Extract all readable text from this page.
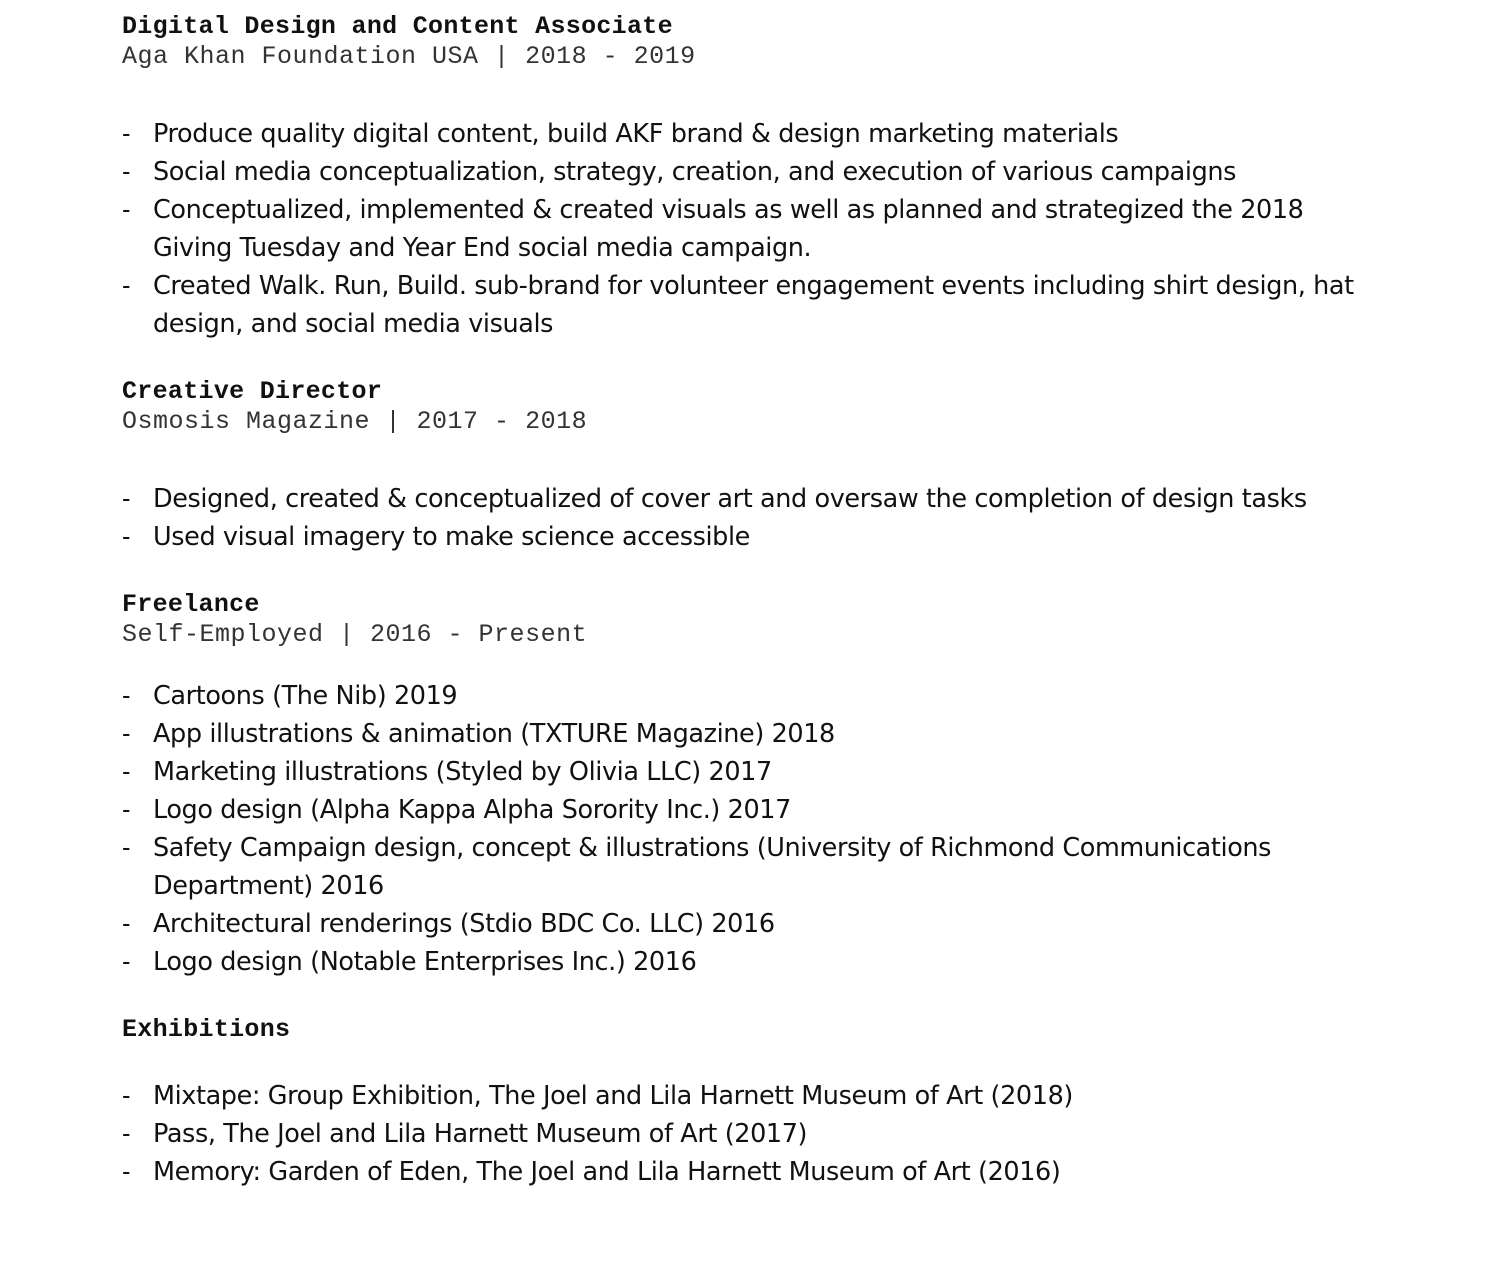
Digital Design and Content Associate
Aga Khan Foundation USA | 2018 - 2019
- Produce quality digital content, build AKF brand & design marketing materials
- Social media conceptualization, strategy, creation, and execution of various campaigns
- Conceptualized, implemented & created visuals as well as planned and strategized the 2018
Giving Tuesday and Year End social media campaign.
- Created Walk. Run, Build. sub-brand for volunteer engagement events including shirt design, hat
design, and social media visuals
Creative Director
Osmosis Magazine | 2017 - 2018
- Designed, created & conceptualized of cover art and oversaw the completion of design tasks
- Used visual imagery to make science accessible
Freelance
Self-Employed | 2016 - Present
- Cartoons (The Nib) 2019
- App illustrations & animation (TXTURE Magazine) 2018
- Marketing illustrations (Styled by Olivia LLC) 2017
- Logo design (Alpha Kappa Alpha Sorority Inc.) 2017
- Safety Campaign design, concept & illustrations (University of Richmond Communications
Department) 2016
- Architectural renderings (Stdio BDC Co. LLC) 2016
- Logo design (Notable Enterprises Inc.) 2016
Exhibitions
- Mixtape: Group Exhibition, The Joel and Lila Harnett Museum of Art (2018)
- Pass, The Joel and Lila Harnett Museum of Art (2017)
- Memory: Garden of Eden, The Joel and Lila Harnett Museum of Art (2016)
